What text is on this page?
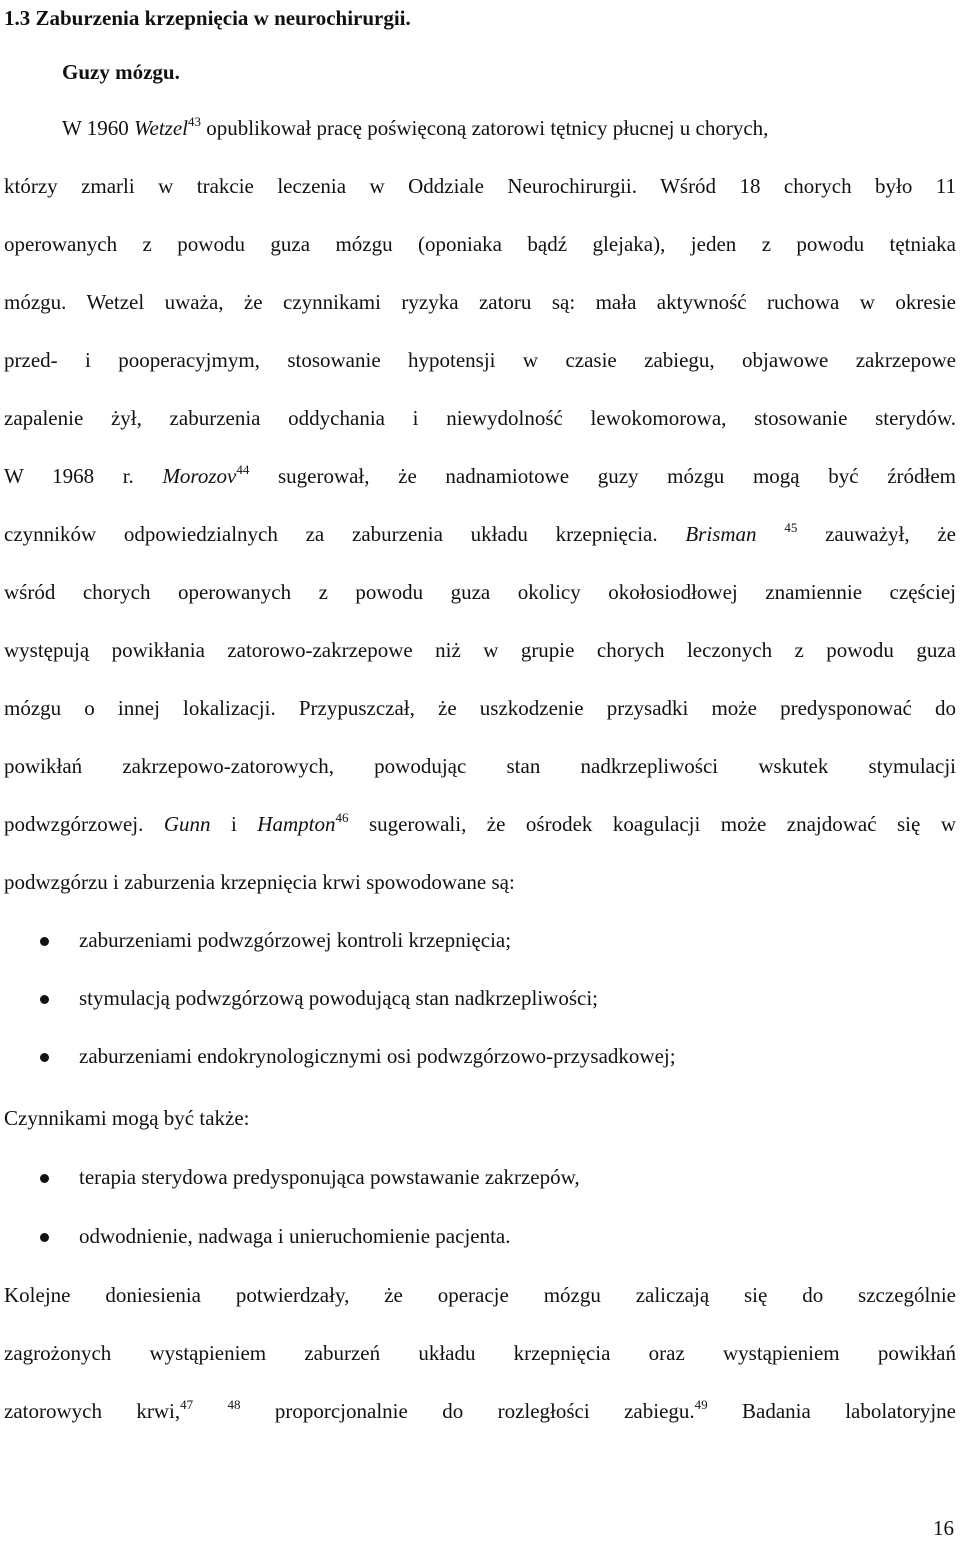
1.3 Zaburzenia krzepnięcia w neurochirurgii.
Guzy mózgu.
W 1960 Wetzel$^{43}$ opublikował pracę poświęconą zatorowi tętnicy płucnej u chorych,
którzy zmarli w trakcie leczenia w Oddziale Neurochirurgii. Wśród 18 chorych było 11
operowanych z powodu guza mózgu (oponiaka bądź glejaka), jeden z powodu tętniaka
mózgu. Wetzel uważa, że czynnikami ryzyka zatoru są: mała aktywność ruchowa w okresie
przed- i pooperacyjmym, stosowanie hypotensji w czasie zabiegu, objawowe zakrzepowe
zapalenie żył, zaburzenia oddychania i niewydolność lewokomorowa, stosowanie sterydów.
W 1968 r. Morozov$^{44}$ sugerował, że nadnamiotowe guzy mózgu mogą być źródłem
czynników odpowiedzialnych za zaburzenia układu krzepnięcia. Brisman $^{45}$ zauważył, że
wśród chorych operowanych z powodu guza okolicy okołosiodłowej znamiennie częściej
występują powikłania zatorowo-zakrzepowe niż w grupie chorych leczonych z powodu guza
mózgu o innej lokalizacji. Przypuszczał, że uszkodzenie przysadki może predysponować do
powikłań zakrzepowo-zatorowych, powodując stan nadkrzepliwości wskutek stymulacji
podwzgórzowej. Gunn i Hampton$^{46}$ sugerowali, że ośrodek koagulacji może znajdować się w
podwzgórzu i zaburzenia krzepnięcia krwi spowodowane są:
zaburzeniami podwzgórzowej kontroli krzepnięcia;
stymulacją podwzgórzową powodującą stan nadkrzepliwości;
zaburzeniami endokrynologicznymi osi podwzgórzowo-przysadkowej;
Czynnikami mogą być także:
terapia sterydowa predysponująca powstawanie zakrzepów,
odwodnienie, nadwaga i unieruchomienie pacjenta.
Kolejne doniesienia potwierdzały, że operacje mózgu zaliczają się do szczególnie
zagrożonych wystąpieniem zaburzeń układu krzepnięcia oraz wystąpieniem powikłań
zatorowych krwi,$^{47}$	$^{48}$ proporcjonalnie do rozległości zabiegu.$^{49}$ Badania labolatoryjne
16
